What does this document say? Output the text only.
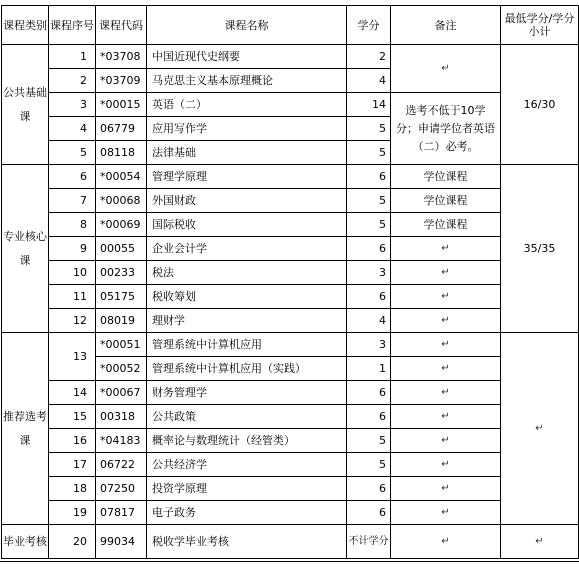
课程类别	课程序号	课程代码	课程名称	学分	备注	最低学分/学分小计
公共基础课	1	*03708	中国近现代史纲要	2	↵	16/30
	2	*03709	马克思主义基本原理概论	4		
	3	*00015	英语（二）	14	选考不低于10学分；申请学位者英语（二）必考。	
	4	06779	应用写作学	5		
	5	08118	法律基础	5		
专业核心课	6	*00054	管理学原理	6	学位课程	35/35
	7	*00068	外国财政	5	学位课程	
	8	*00069	国际税收	5	学位课程	
	9	00055	企业会计学	6	↵	
	10	00233	税法	3	↵	
	11	05175	税收筹划	6	↵	
	12	08019	理财学	4	↵	
推荐选考课	13	*00051	管理系统中计算机应用	3	↵	↵
		*00052	管理系统中计算机应用（实践）	1	↵	
	14	*00067	财务管理学	6	↵	
	15	00318	公共政策	6	↵	
	16	*04183	概率论与数理统计（经管类）	5	↵	
	17	06722	公共经济学	5	↵	
	18	07250	投资学原理	6	↵	
	19	07817	电子政务	6	↵	
毕业考核	20	99034	税收学毕业考核	不计学分	↵	↵
